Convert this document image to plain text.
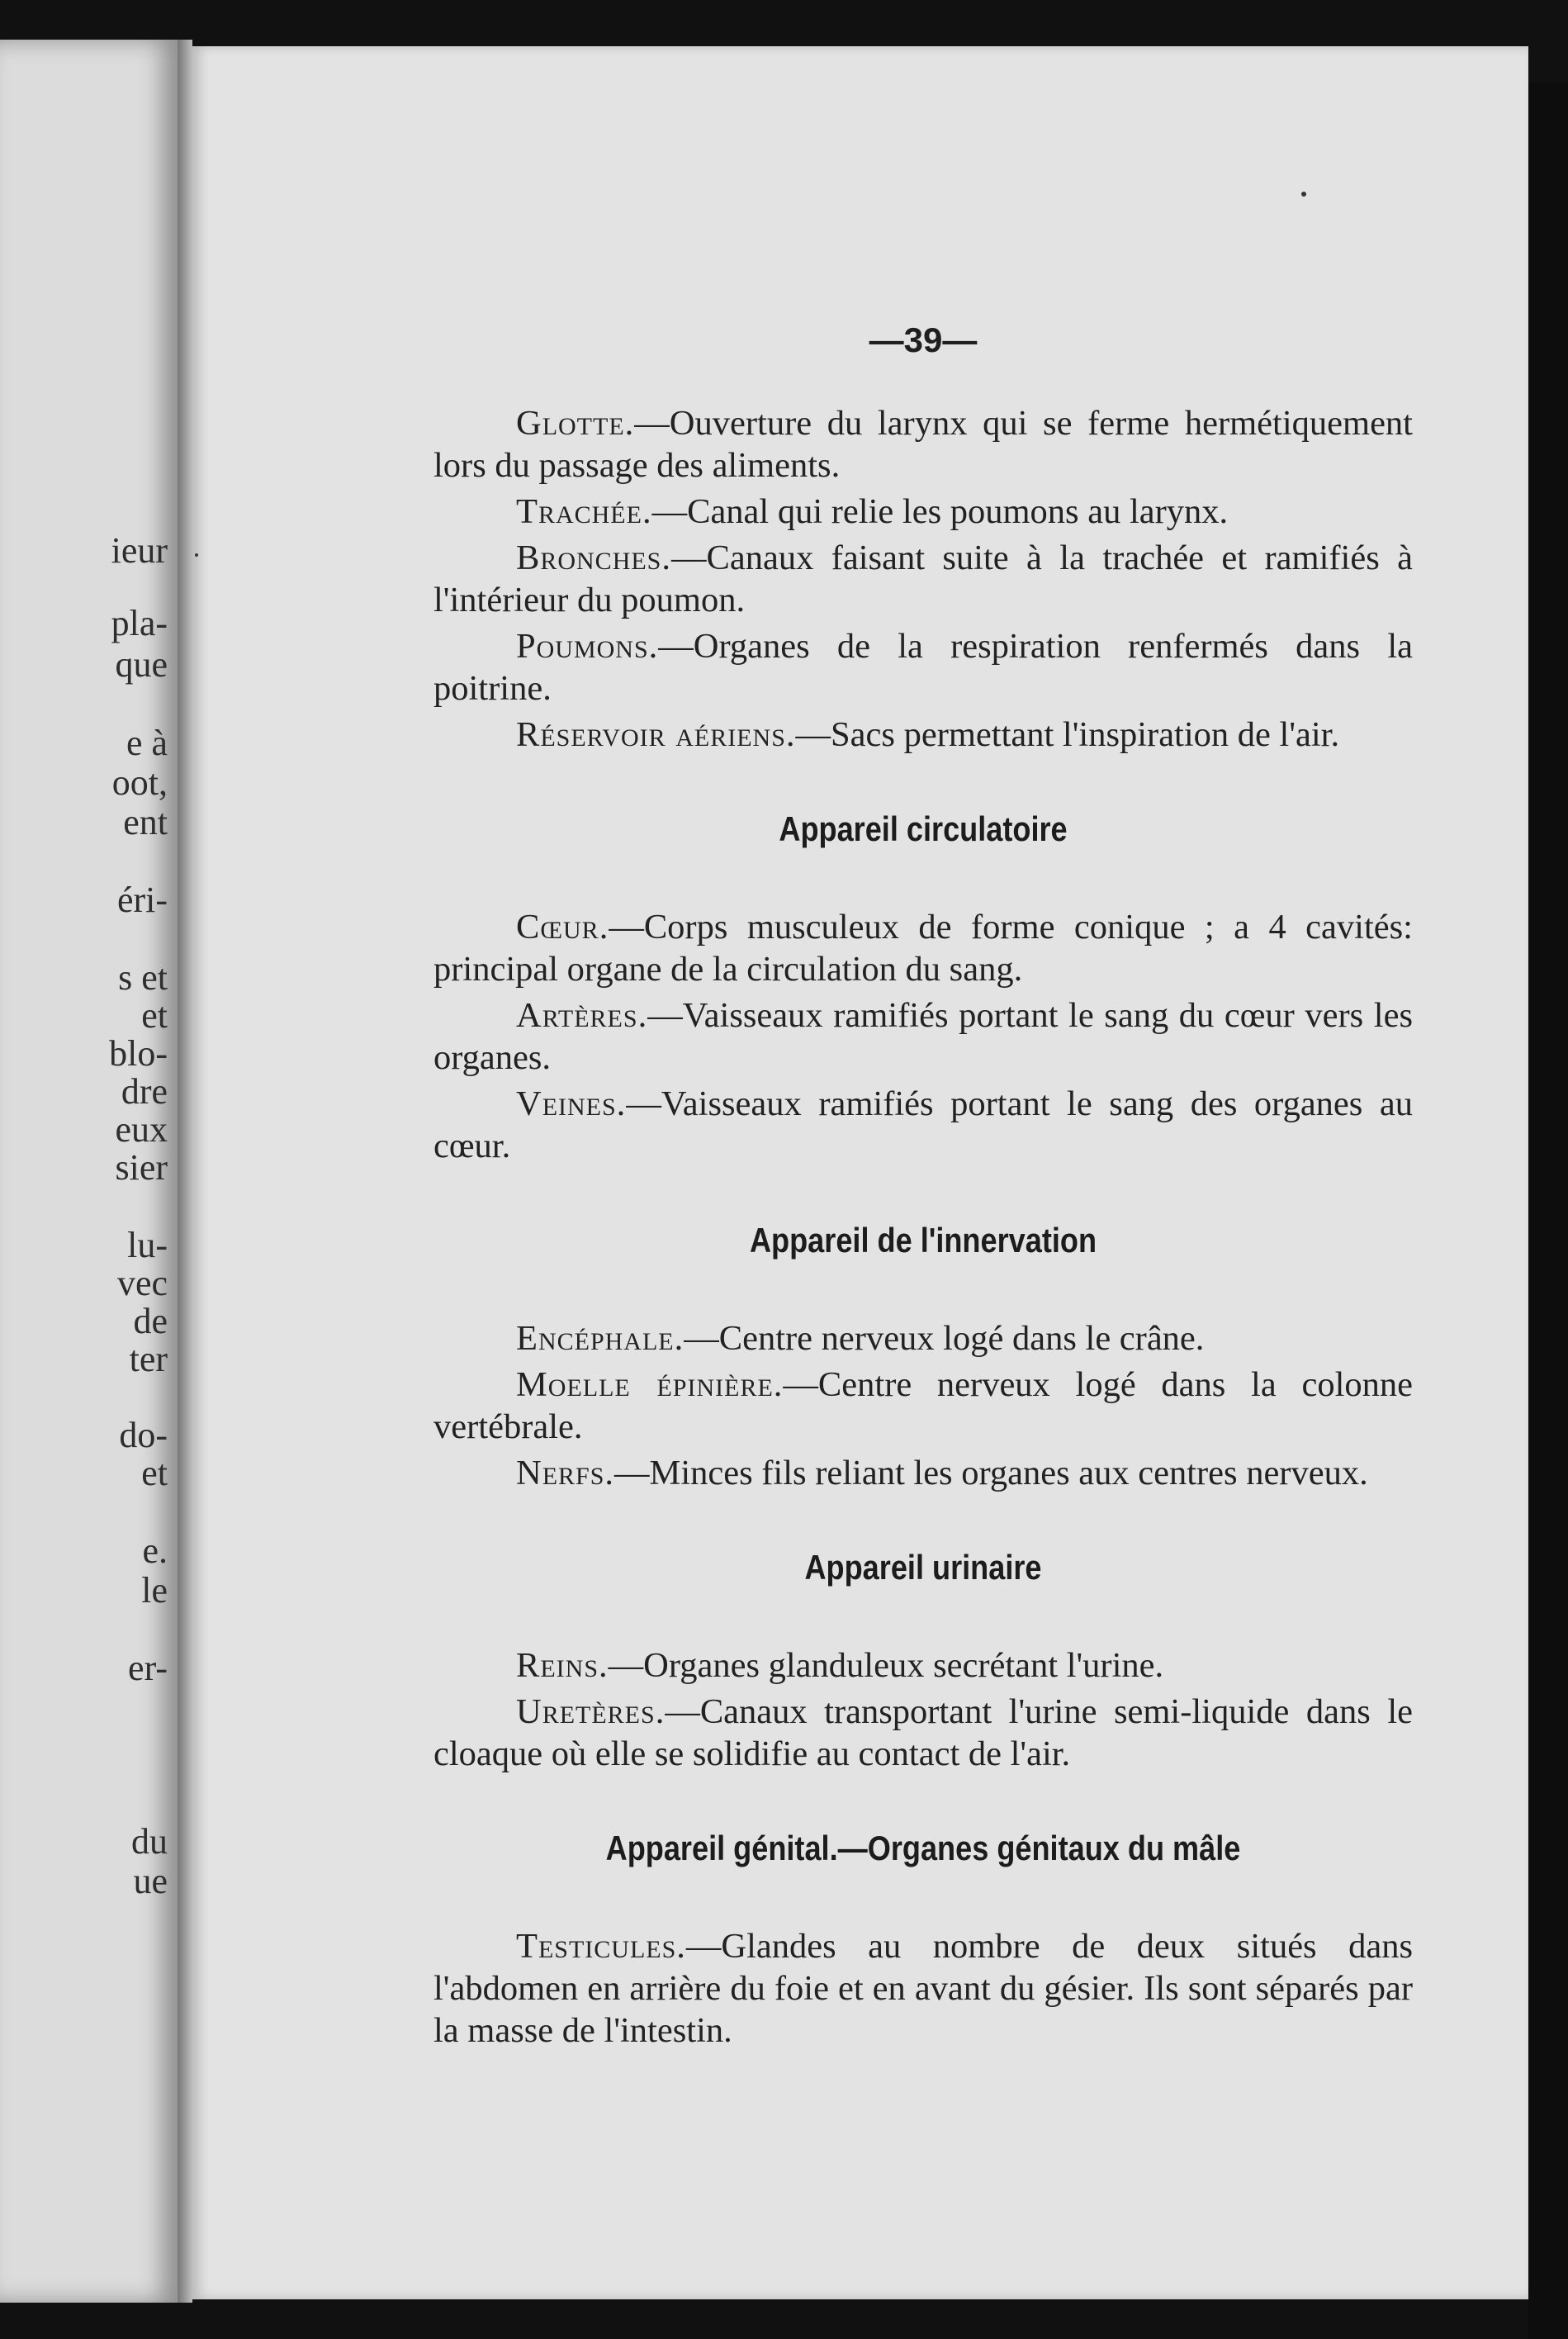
ieur
pla-
que
e à
oot,
ent
éri-
s et
et
blo-
dre
eux
sier
lu-
vec
de
ter
do-
et
e.
le
er-
du
ue
—39—

Glotte.—Ouverture du larynx qui se ferme hermétiquement lors du passage des aliments.

Trachée.—Canal qui relie les poumons au larynx.

Bronches.—Canaux faisant suite à la trachée et ramifiés à l'intérieur du poumon.

Poumons.—Organes de la respiration renfermés dans la poitrine.

Réservoir aériens.—Sacs permettant l'inspiration de l'air.

Appareil circulatoire

Cœur.—Corps musculeux de forme conique ; a 4 cavités: principal organe de la circulation du sang.

Artères.—Vaisseaux ramifiés portant le sang du cœur vers les organes.

Veines.—Vaisseaux ramifiés portant le sang des organes au cœur.

Appareil de l'innervation

Encéphale.—Centre nerveux logé dans le crâne.

Moelle épinière.—Centre nerveux logé dans la colonne vertébrale.

Nerfs.—Minces fils reliant les organes aux centres nerveux.

Appareil urinaire

Reins.—Organes glanduleux secrétant l'urine.

Uretères.—Canaux transportant l'urine semi-liquide dans le cloaque où elle se solidifie au contact de l'air.

Appareil génital.—Organes génitaux du mâle

Testicules.—Glandes au nombre de deux situés dans l'abdomen en arrière du foie et en avant du gésier. Ils sont séparés par la masse de l'intestin.
